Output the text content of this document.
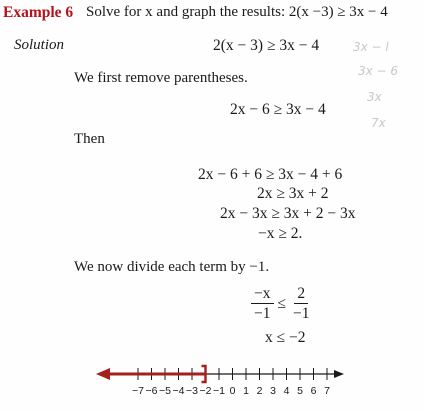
Example 6 Solve for x and graph the results: 2(x −3) ≥ 3x − 4
Solution	2(x − 3) ≥ 3x − 4
We first remove parentheses.
2x − 6 ≥ 3x − 4
Then
2x − 6 + 6 ≥ 3x − 4 + 6
2x ≥ 3x + 2
2x − 3x ≥ 3x + 2 − 3x
−x ≥ 2.
We now divide each term by −1.
$\frac{-x}{-1} \le \frac{2}{-1}$
x ≤ −2
3x − l
3x − 6
3x
7x
−7 −6 −5 −4 −3 −2 −1 0 1 2 3 4 5 6 7
